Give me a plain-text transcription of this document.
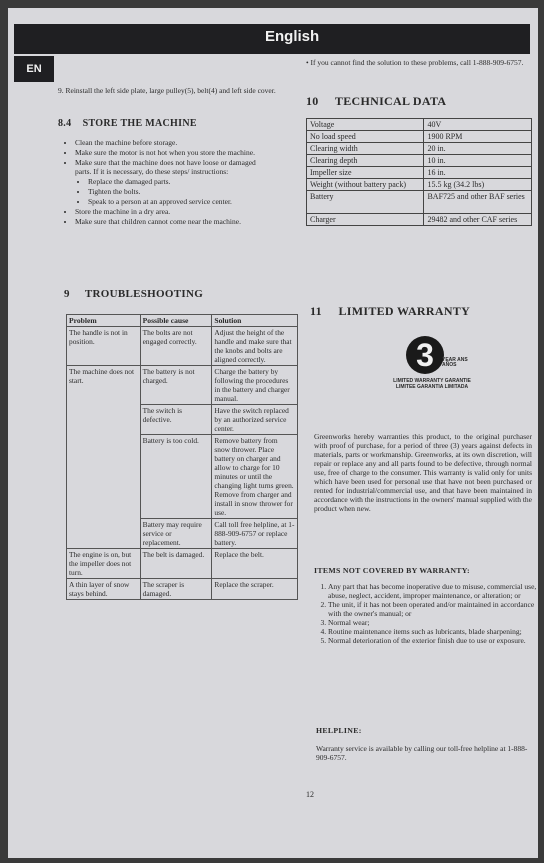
English
EN
9. Reinstall the left side plate, large pulley(5), belt(4) and left side cover.
8.4 STORE THE MACHINE
• Clean the machine before storage.
• Make sure the motor is not hot when you store the machine.
• Make sure that the machine does not have loose or damaged parts. If it is necessary, do these steps/ instructions:
• Replace the damaged parts.
• Tighten the bolts.
• Speak to a person at an approved service center.
• Store the machine in a dry area.
• Make sure that children cannot come near the machine.
9 TROUBLESHOOTING
Problem	Possible cause	Solution
The handle is not in position.	The bolts are not engaged correctly.	Adjust the height of the handle and make sure that the knobs and bolts are aligned correctly.
The machine does not start.	The battery is not charged.	Charge the battery by following the procedures in the battery and charger manual.
	The switch is defective.	Have the switch replaced by an authorized service center.
	Battery is too cold.	Remove battery from snow thrower. Place battery on charger and allow to charge for 10 minutes or until the changing light turns green. Remove from charger and install in snow thrower for use.
	Battery may require service or replacement.	Call toll free helpline, at 1-888-909-6757 or replace battery.
The engine is on, but the impeller does not turn.	The belt is damaged.	Replace the belt.
A thin layer of snow stays behind.	The scraper is damaged.	Replace the scraper.
• If you cannot find the solution to these problems, call 1-888-909-6757.
10 TECHNICAL DATA
Voltage	40V
No load speed	1900 RPM
Clearing width	20 in.
Clearing depth	10 in.
Impeller size	16 in.
Weight (without battery pack)	15.5 kg (34.2 lbs)
Battery	BAF725 and other BAF series
Charger	29482 and other CAF series
11 LIMITED WARRANTY
3	YEAR ANS AÑOS
LIMITED WARRANTY GARANTIE LIMITEE GARANTIA LIMITADA
Greenworks hereby warranties this product, to the original purchaser with proof of purchase, for a period of three (3) years against defects in materials, parts or workmanship. Greenworks, at its own discretion, will repair or replace any and all parts found to be defective, through normal use, free of charge to the consumer. This warranty is valid only for units which have been used for personal use that have not been purchased or rented for industrial/commercial use, and that have been maintained in accordance with the instructions in the owners' manual supplied with the product when new.
ITEMS NOT COVERED BY WARRANTY:
1. Any part that has become inoperative due to misuse, commercial use, abuse, neglect, accident, improper maintenance, or alteration; or
2. The unit, if it has not been operated and/or maintained in accordance with the owner's manual; or
3. Normal wear;
4. Routine maintenance items such as lubricants, blade sharpening;
5. Normal deterioration of the exterior finish due to use or exposure.
HELPLINE:
Warranty service is available by calling our toll-free helpline at 1-888-909-6757.
12
